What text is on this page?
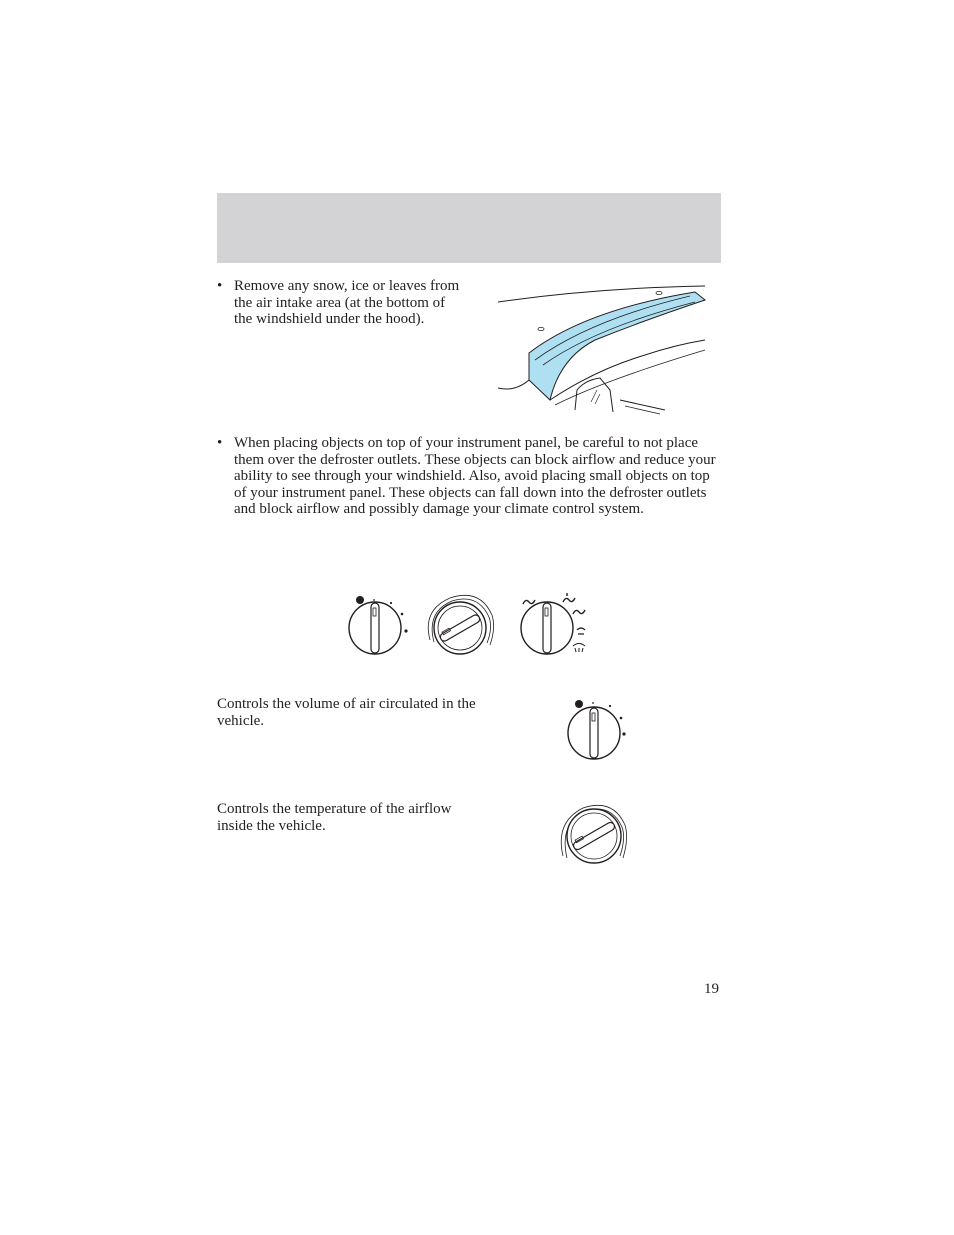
• Remove any snow, ice or leaves from the air intake area (at the bottom of the windshield under the hood).
• When placing objects on top of your instrument panel, be careful to not place them over the defroster outlets. These objects can block airflow and reduce your ability to see through your windshield. Also, avoid placing small objects on top of your instrument panel. These objects can fall down into the defroster outlets and block airflow and possibly damage your climate control system.
Controls the volume of air circulated in the vehicle.
Controls the temperature of the airflow inside the vehicle.
19
